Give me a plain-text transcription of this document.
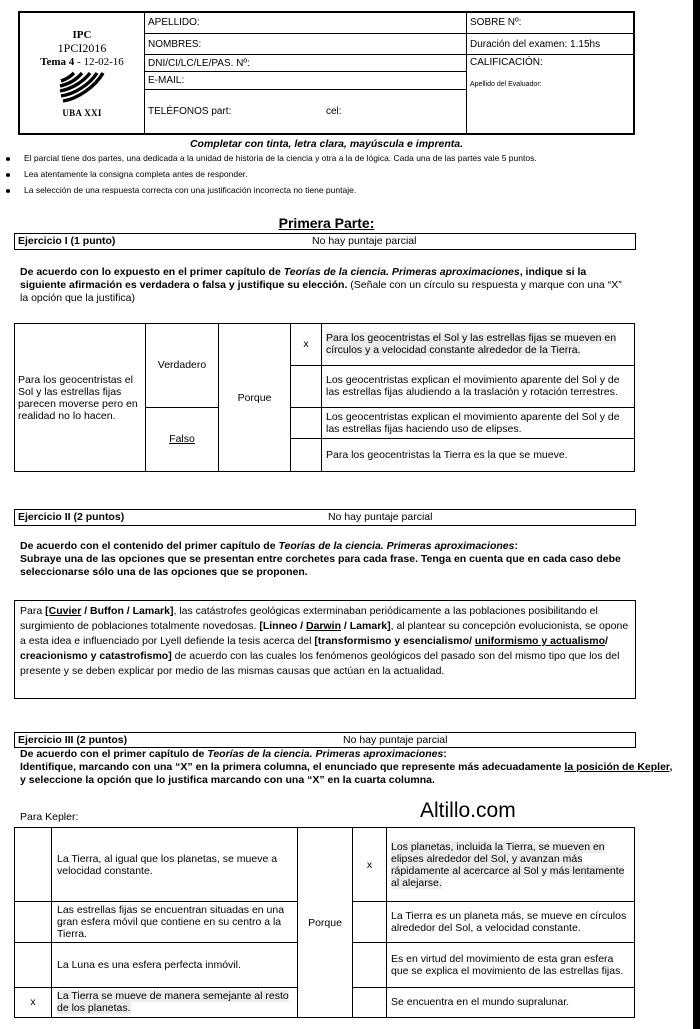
IPC
1PCI2016
Tema 4 - 12-02-16
UBA XXI	APELLIDO:		SOBRE Nº:
	NOMBRES:		Duración del examen: 1.15hs
	DNI/CI/LC/LE/PAS. Nº:		CALIFICACIÓN:
Apellido del Evaluador:

	E-MAIL:		
	TELÉFONOS part:	cel:	
Completar con tinta, letra clara, mayúscula e imprenta.
El parcial tiene dos partes, una dedicada a la unidad de historia de la ciencia y otra a la de lógica. Cada una de las partes vale 5 puntos.
Lea atentamente la consigna completa antes de responder.
La selección de una respuesta correcta con una justificación incorrecta no tiene puntaje.
Primera Parte:
Ejercicio I (1 punto)	No hay puntaje parcial
De acuerdo con lo expuesto en el primer capítulo de Teorías de la ciencia. Primeras aproximaciones, indique si la siguiente afirmación es verdadera o falsa y justifique su elección. (Señale con un círculo su respuesta y marque con una “X” la opción que la justifica)
Para los geocentristas el Sol y las estrellas fijas parecen moverse pero en realidad no lo hacen.	Verdadero	Porque	x	Para los geocentristas el Sol y las estrellas fijas se mueven en círculos y a velocidad constante alrededor de la Tierra.
				Los geocentristas explican el movimiento aparente del Sol y de las estrellas fijas aludiendo a la traslación y rotación terrestres.
	Falso			Los geocentristas explican el movimiento aparente del Sol y de las estrellas fijas haciendo uso de elipses.
				Para los geocentristas la Tierra es la que se mueve.
Ejercicio II (2 puntos)	No hay puntaje parcial
De acuerdo con el contenido del primer capítulo de Teorías de la ciencia. Primeras aproximaciones:
Subraye una de las opciones que se presentan entre corchetes para cada frase. Tenga en cuenta que en cada caso debe seleccionarse sólo una de las opciones que se proponen.
Para [Cuvier / Buffon / Lamark], las catástrofes geológicas exterminaban periódicamente a las poblaciones posibilitando el surgimiento de poblaciones totalmente novedosas. [Linneo / Darwin / Lamark], al plantear su concepción evolucionista, se opone a esta idea e influenciado por Lyell defiende la tesis acerca del [transformismo y esencialismo/ uniformismo y actualismo/ creacionismo y catastrofismo] de acuerdo con las cuales los fenómenos geológicos del pasado son del mismo tipo que los del presente y se deben explicar por medio de las mismas causas que actúan en la actualidad.
Ejercicio III (2 puntos)	No hay puntaje parcial
De acuerdo con el primer capítulo de Teorías de la ciencia. Primeras aproximaciones:
Identifique, marcando con una “X” en la primera columna, el enunciado que represente más adecuadamente la posición de Kepler, y seleccione la opción que lo justifica marcando con una “X” en la cuarta columna.
Para Kepler:	Altillo.com
	La Tierra, al igual que los planetas, se mueve a velocidad constante.	Porque	x	Los planetas, incluida la Tierra, se mueven en elipses alrededor del Sol, y avanzan más rápidamente al acercarce al Sol y más lentamente al alejarse.
	Las estrellas fijas se encuentran situadas en una gran esfera móvil que contiene en su centro a la Tierra.			La Tierra es un planeta más, se mueve en círculos alrededor del Sol, a velocidad constante.
	La Luna es una esfera perfecta inmóvil.			Es en virtud del movimiento de esta gran esfera que se explica el movimiento de las estrellas fijas.
x	La Tierra se mueve de manera semejante al resto de los planetas.			Se encuentra en el mundo supralunar.
